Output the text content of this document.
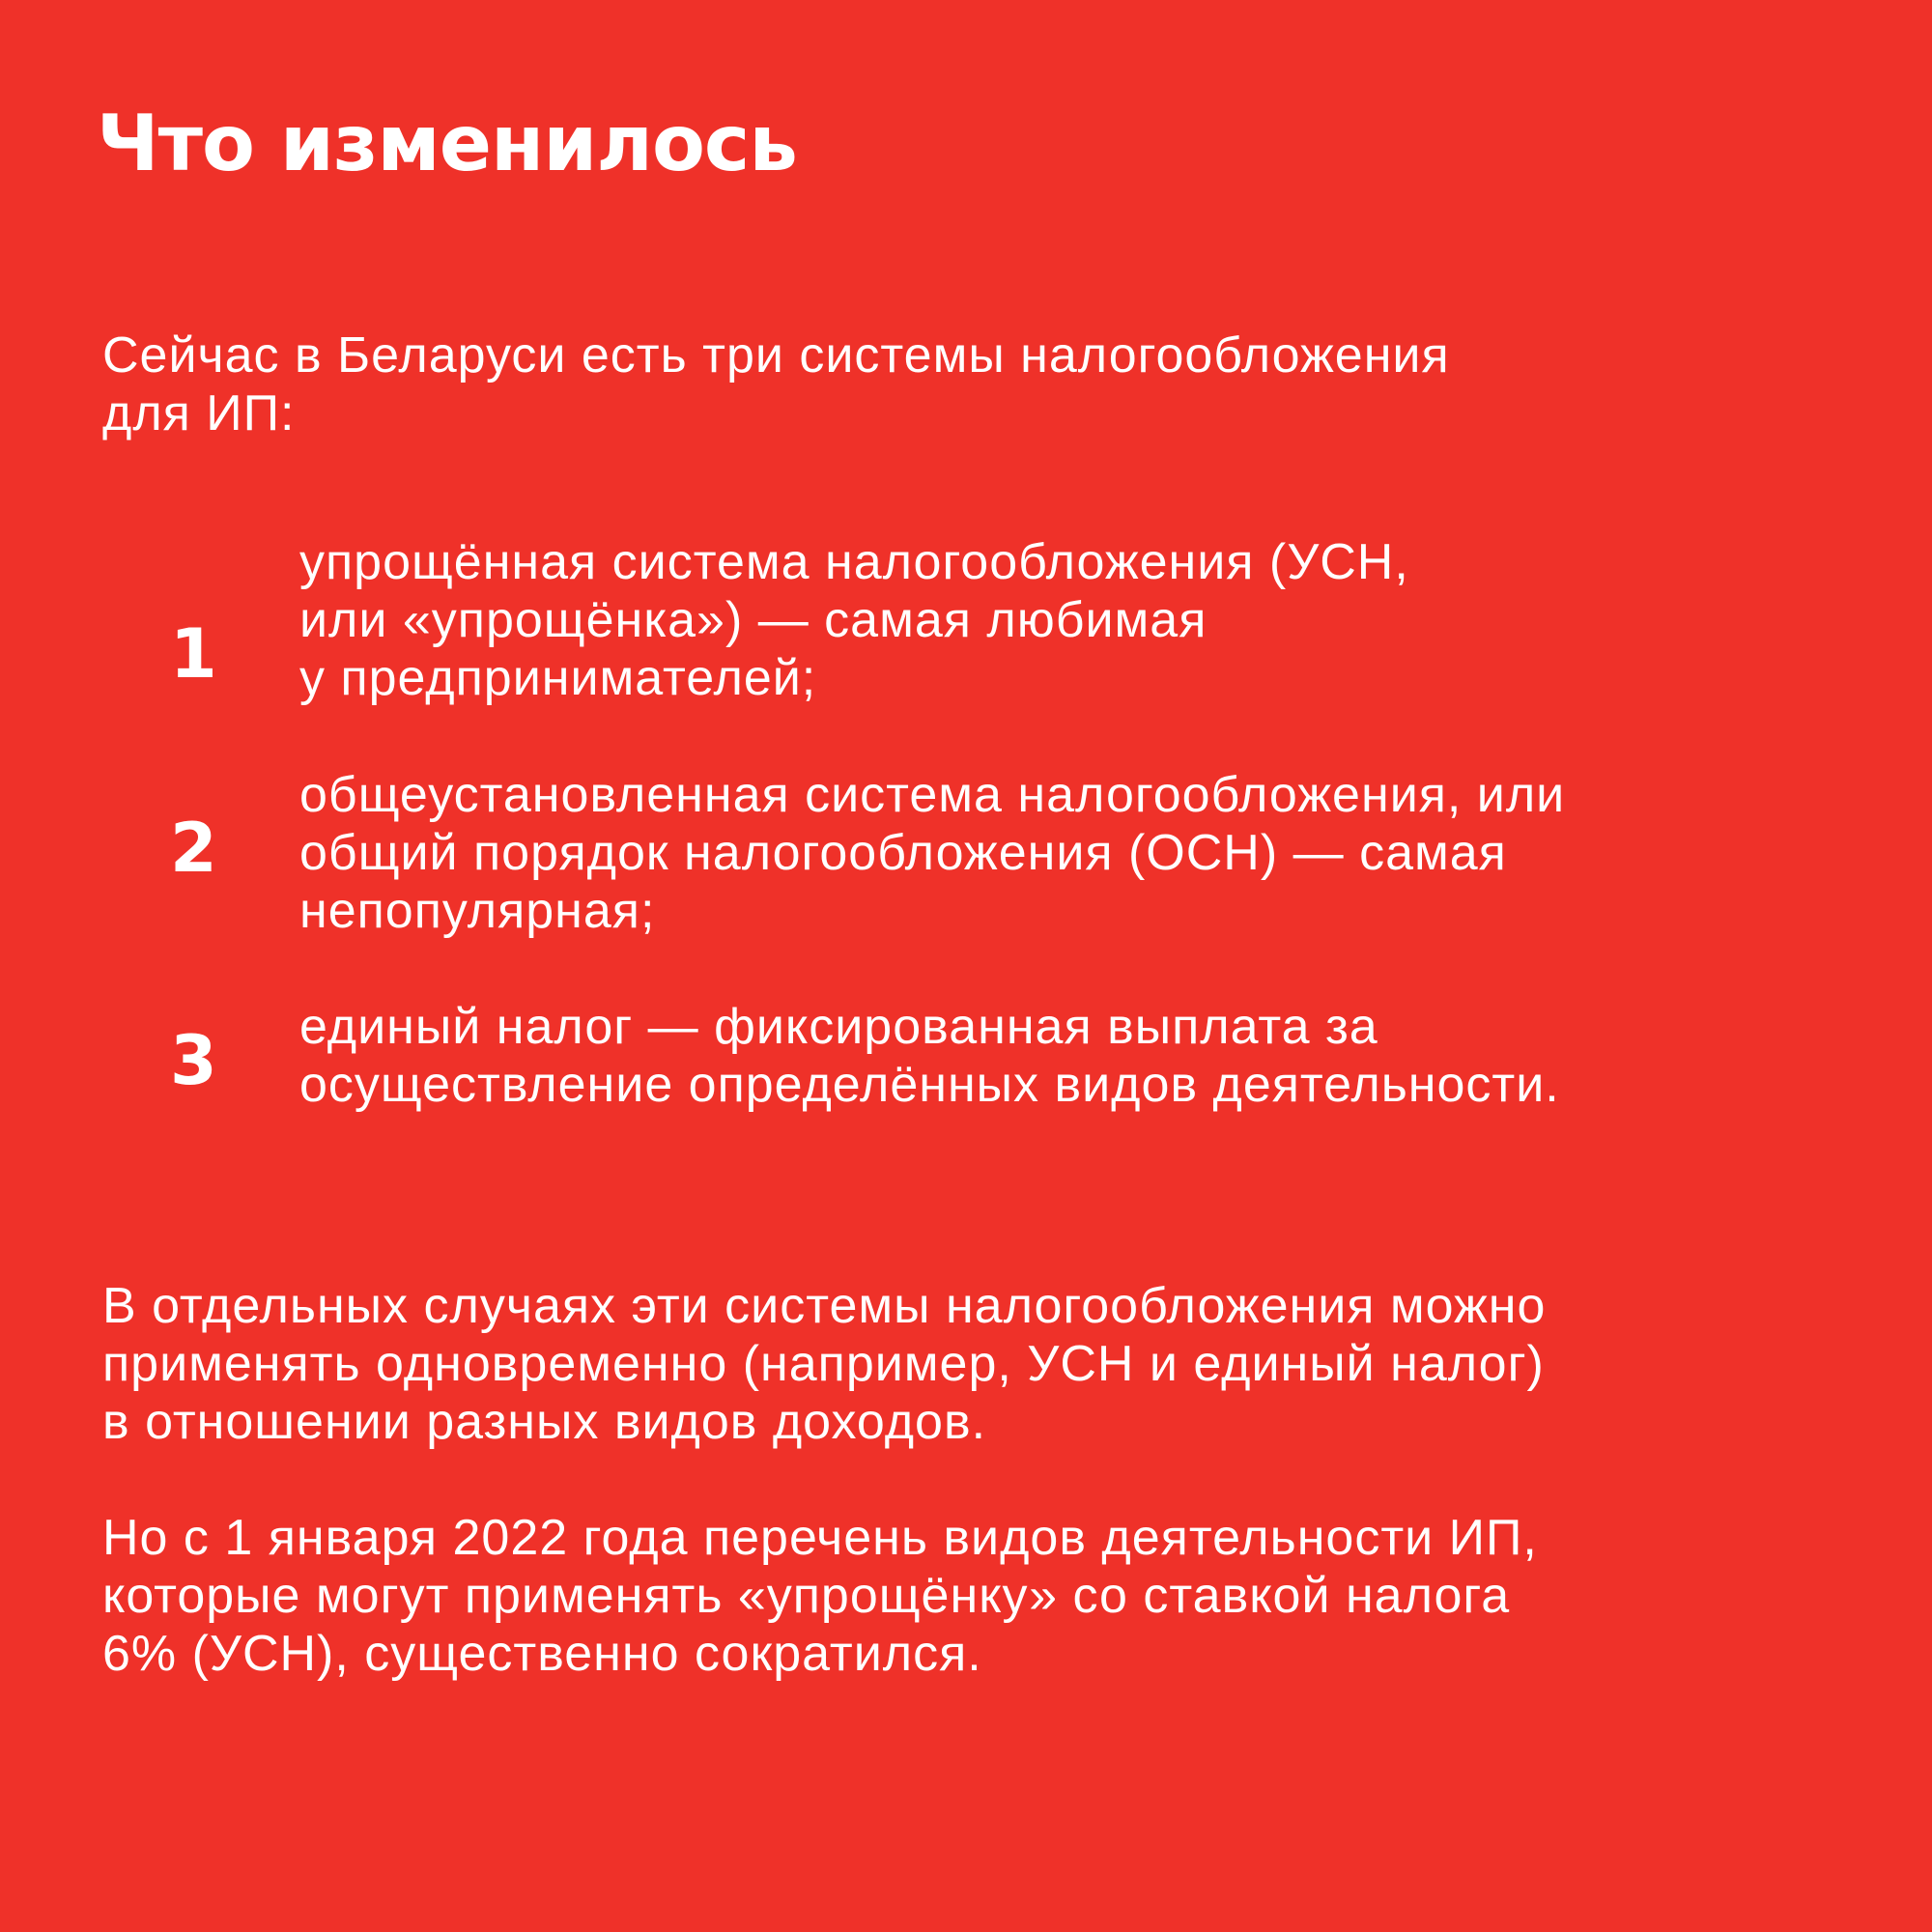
Что изменилось

Сейчас в Беларуси есть три системы налогообложения
для ИП:

1
упрощённая система налогообложения (УСН,
или «упрощёнка») — самая любимая
у предпринимателей;
2
общеустановленная система налогообложения, или
общий порядок налогообложения (ОСН) — самая
непопулярная;
3 единый налог — фиксированная выплата за
осуществление определённых видов деятельности.

В отдельных случаях эти системы налогообложения можно
применять одновременно (например, УСН и единый налог)
в отношении разных видов доходов.

Но с 1 января 2022 года перечень видов деятельности ИП,
которые могут применять «упрощёнку» со ставкой налога
6% (УСН), существенно сократился.
